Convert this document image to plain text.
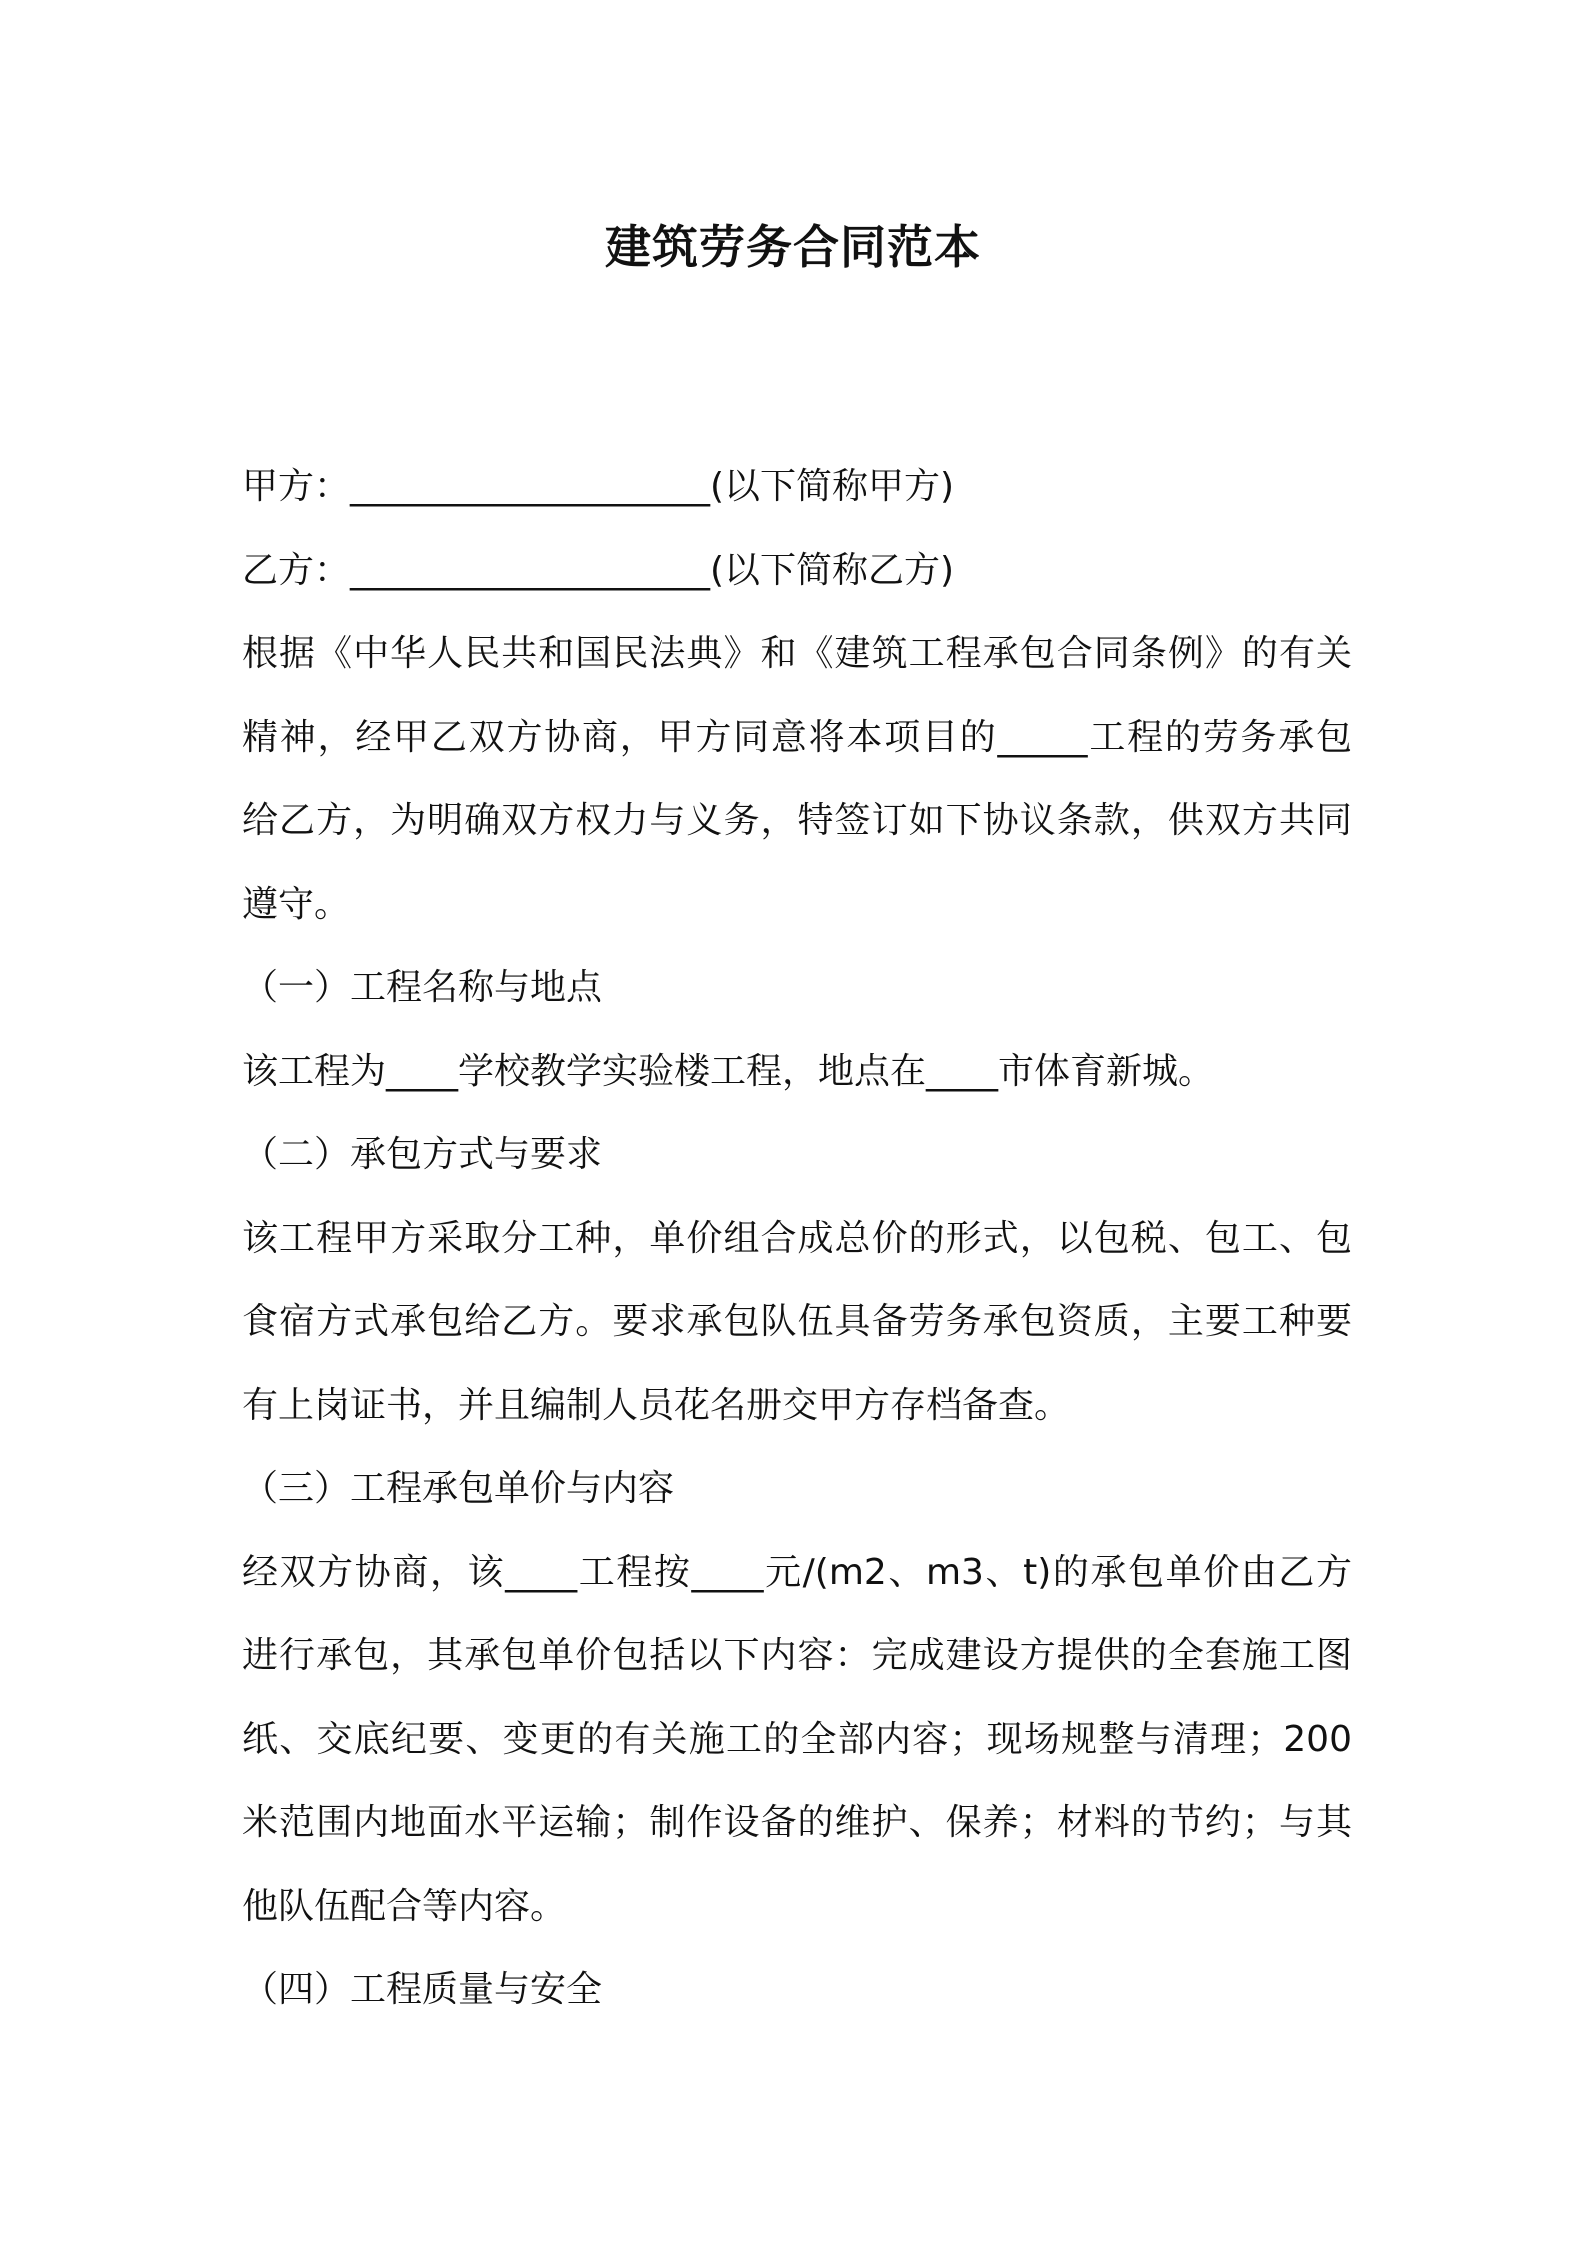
建筑劳务合同范本
甲方：____________________(以下简称甲方)
乙方：____________________(以下简称乙方)
根据《中华人民共和国民法典》和《建筑工程承包合同条例》的有关
精神，经甲乙双方协商，甲方同意将本项目的_____工程的劳务承包
给乙方，为明确双方权力与义务，特签订如下协议条款，供双方共同
遵守。
（一）工程名称与地点
该工程为____学校教学实验楼工程，地点在____市体育新城。
（二）承包方式与要求
该工程甲方采取分工种，单价组合成总价的形式，以包税、包工、包
食宿方式承包给乙方。要求承包队伍具备劳务承包资质，主要工种要
有上岗证书，并且编制人员花名册交甲方存档备查。
（三）工程承包单价与内容
经双方协商，该____工程按____元/(m2、m3、t)的承包单价由乙方
进行承包，其承包单价包括以下内容：完成建设方提供的全套施工图
纸、交底纪要、变更的有关施工的全部内容；现场规整与清理；200
米范围内地面水平运输；制作设备的维护、保养；材料的节约；与其
他队伍配合等内容。
（四）工程质量与安全
